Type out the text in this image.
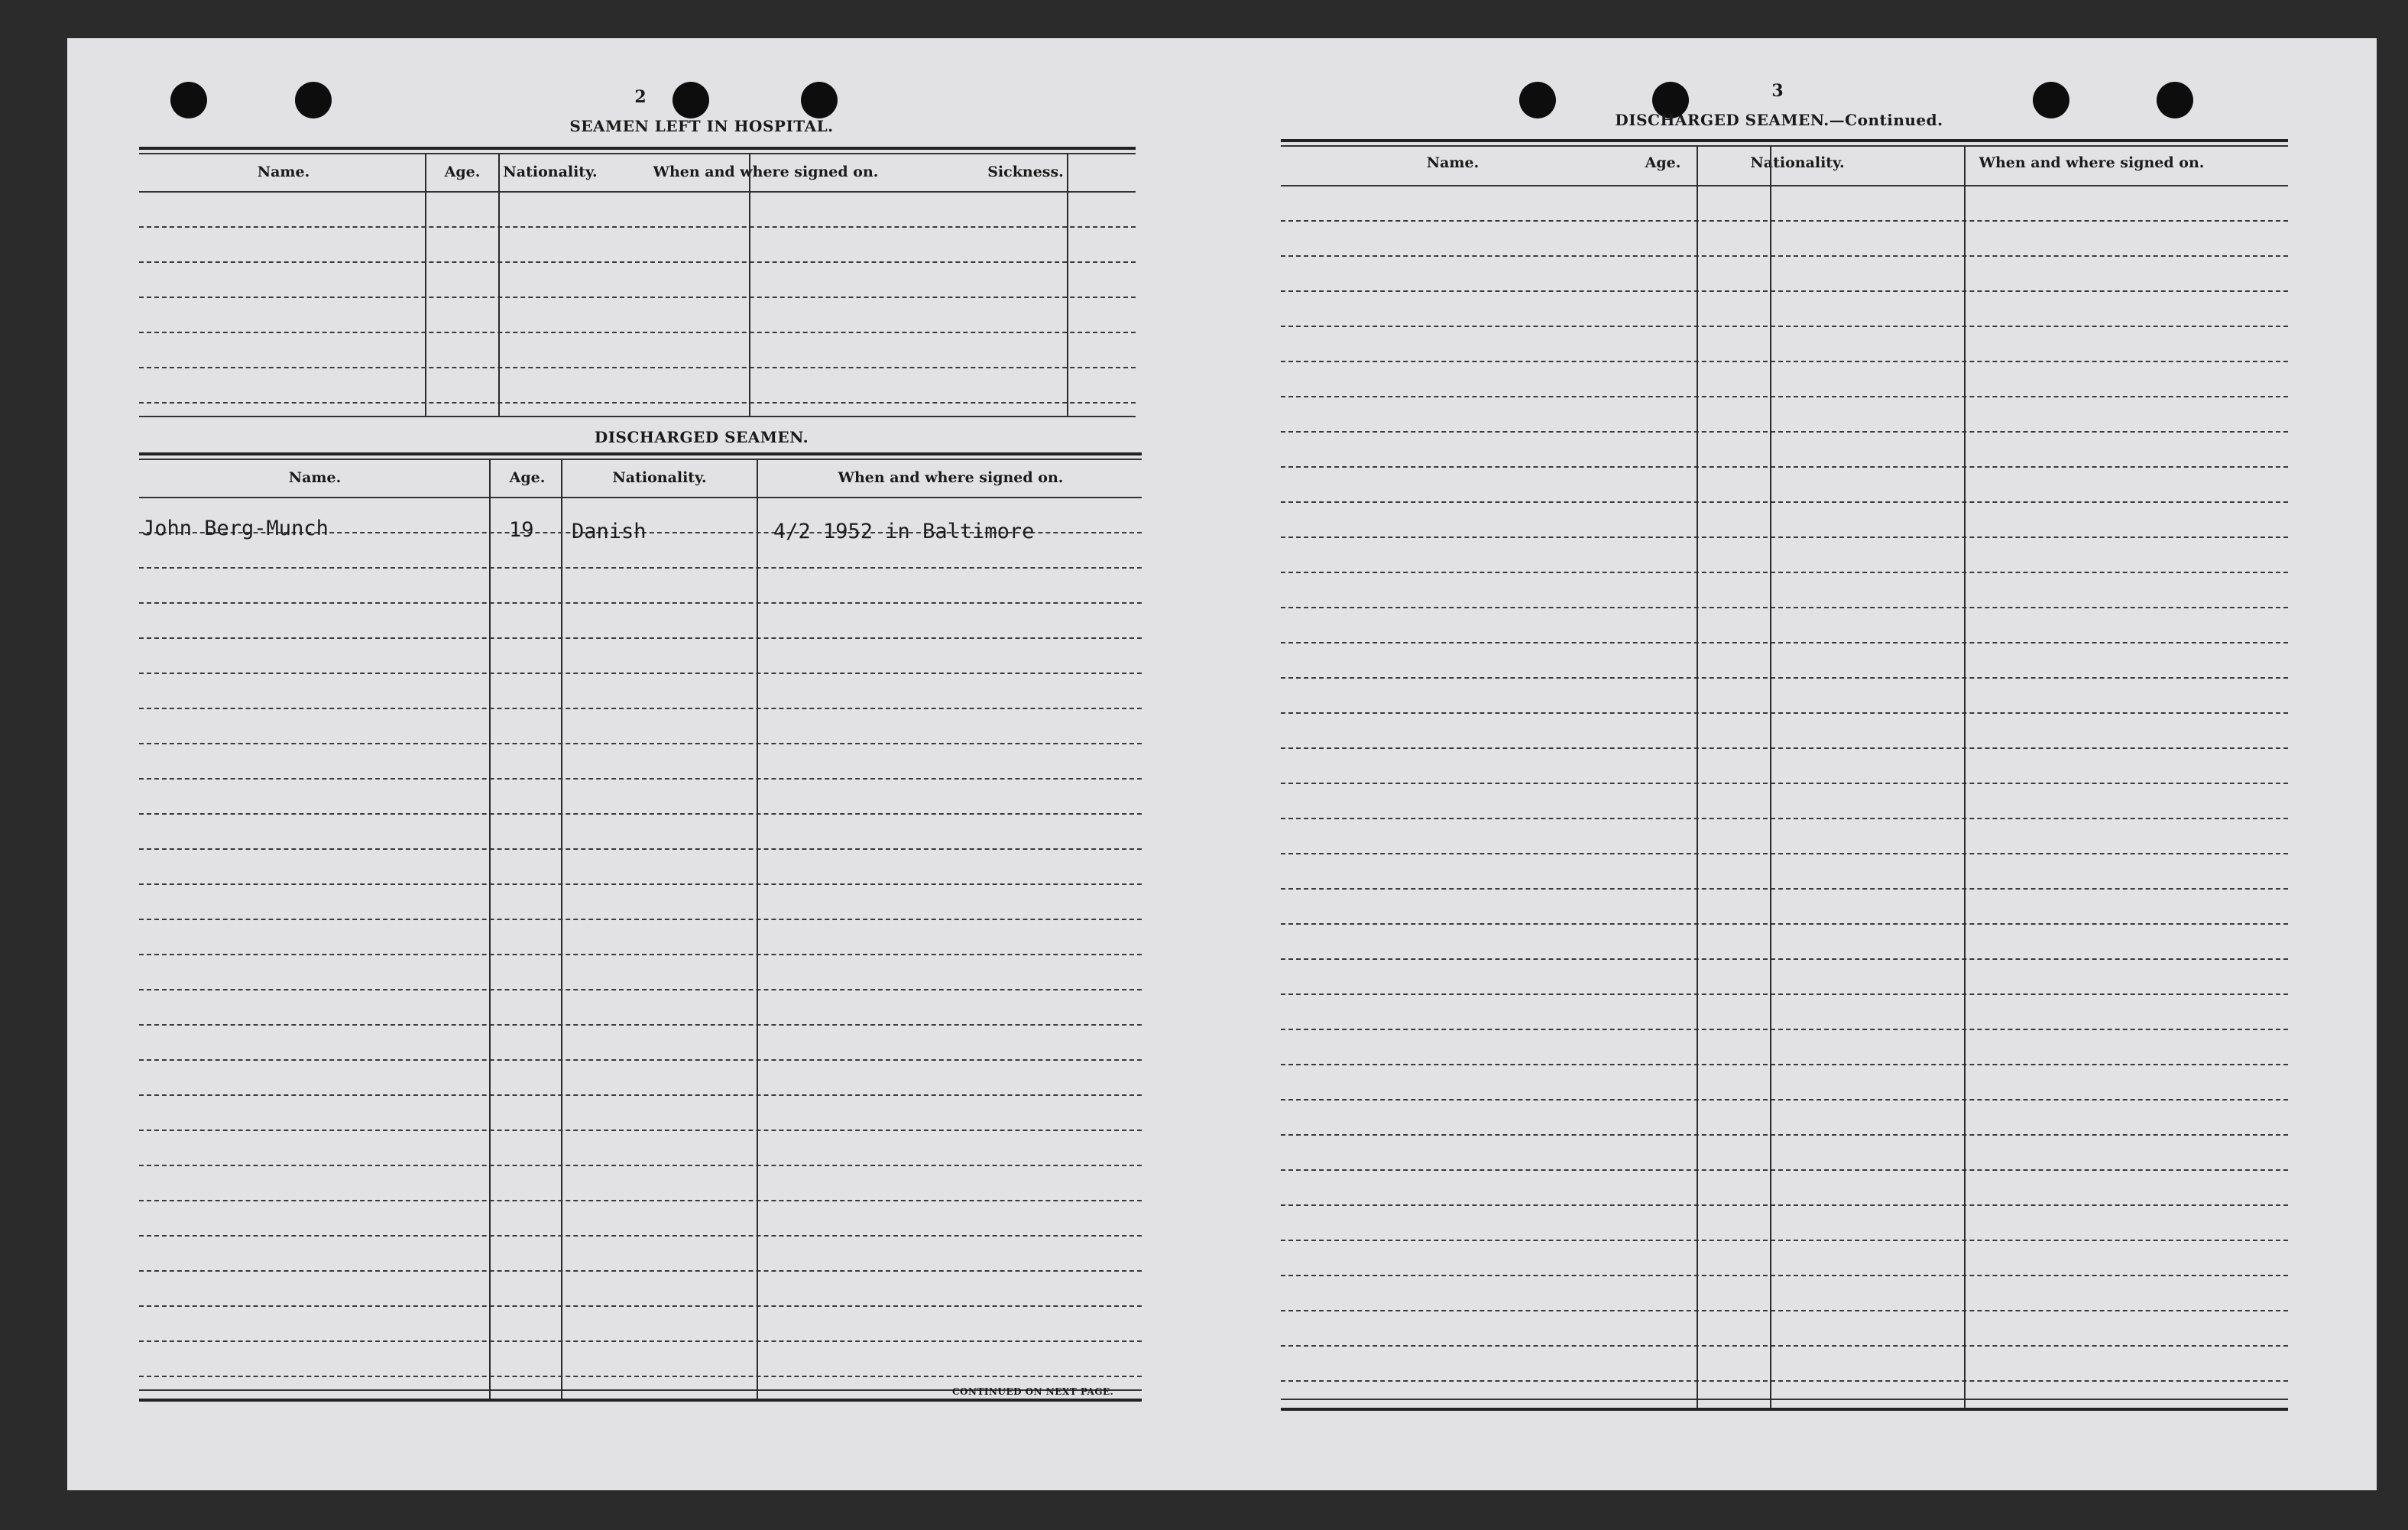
2
SEAMEN LEFT IN HOSPITAL.
Name.	Age.	Nationality.	When and where signed on.	Sickness.
DISCHARGED SEAMEN.
Name.	Age.	Nationality.	When and where signed on.
John Berg-Munch	19 Danish	4/2 1952 in Baltimore
CONTINUED ON NEXT PAGE.
3
DISCHARGED SEAMEN.—Continued.
Name.	Age.	Nationality.	When and where signed on.
